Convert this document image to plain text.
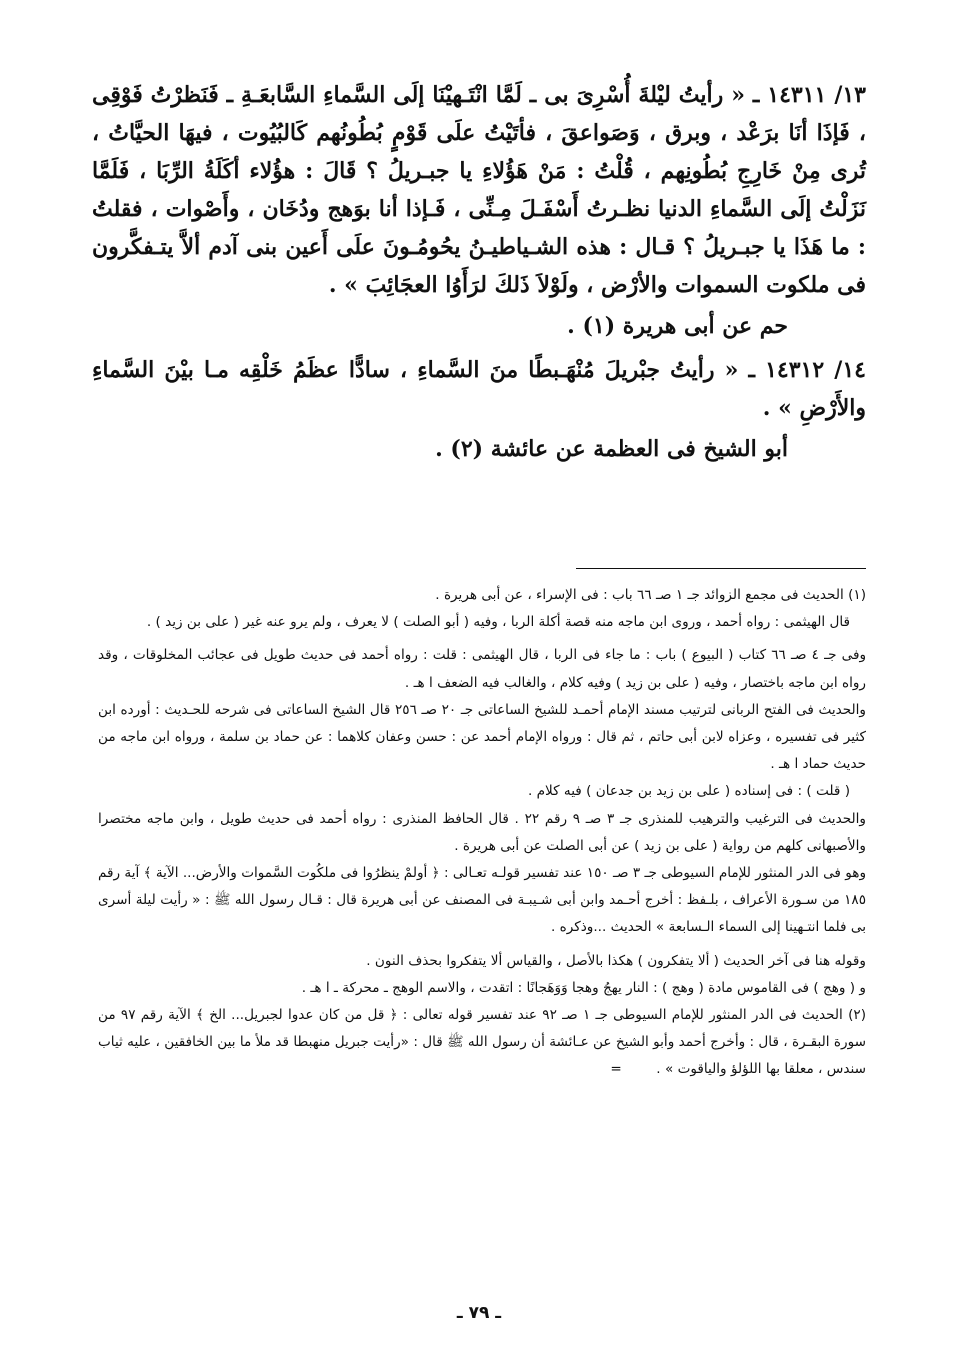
١٣/ ١٤٣١١ ـ « رأيتُ ليْلةَ أُسْرِىَ بى ـ لَمَّا انْتَـهيْنَا إلَى السَّماءِ السَّابعَـةِ ـ فَنَظرْتُ فَوْقِى ، فَإذَا أنَا برَعْد ، وبرق ، وَصَواعقَ ، فأتَيْتُ علَى قَوْمٍ بُطُونُهم كَالبُيُوت ، فيهَا الحيَّاتُ ، تُرى مِنْ خَارِجِ بُطُونِهم ، قُلْتُ : مَنْ هَؤُلاءِ يا جبـريلُ ؟ قَالَ : هؤُلاء أكَلَةُ الرِّبَا ، فَلَمَّا نَزَلْتُ إلَى السَّماءِ الدنيا نظـرتُ أَسْفَـلَ مِـنِّى ، فَـإذا أنا بوَهج ودُخَان ، وأَصْوات ، فقلتُ : ما هَذَا يا جبـريلُ ؟ قـال : هذه الشـياطيـنُ يحُومُـونَ علَى أَعين بنى آدم ألاَّ يتـفكَّرون فى ملكوت السموات والأرْض ، ولَوْلاَ ذَلكَ لرَأَوُا العجَائِبَ » .

حم عن أبى هريرة (١) .

١٤/ ١٤٣١٢ ـ « رأيتُ جبْريلَ مُنْهَـبطًا منَ السَّماءِ ، سادًّا عظَمُ خَلْقِه مـا بيْنَ السَّماءِ والأَرْضِ » .

أبو الشيخ فى العظمة عن عائشة (٢) .

(١) الحديث فى مجمع الزوائد جـ ١ صـ ٦٦ باب : فى الإسراء ، عن أبى هريرة .

قال الهيثمى : رواه أحمد ، وروى ابن ماجه منه قصة أكلة الربا ، وفيه ( أبو الصلت ) لا يعرف ، ولم يرو عنه غير ( على بن زيد ) .

وفى جـ ٤ صـ ٦٦ كتاب ( البيوع ) باب : ما جاء فى الربا ، قال الهيثمى : قلت : رواه أحمد فى حديث طويل فى عجائب المخلوقات ، وقد رواه ابن ماجه باختصار ، وفيه ( على بن زيد ) وفيه كلام ، والغالب فيه الضعف ا هـ .

والحديث فى الفتح الربانى لترتيب مسند الإمام أحمـد للشيخ الساعاتى جـ ٢٠ صـ ٢٥٦ قال الشيخ الساعاتى فى شرحه للحـديث : أورده ابن كثير فى تفسيره ، وعزاه لابن أبى حاتم ، ثم قال : ورواه الإمام أحمد عن : حسن وعفان كلاهما : عن حماد بن سلمة ، ورواه ابن ماجه من حديث حماد ا هـ .

( قلت ) : فى إسناده ( على بن زيد بن جدعان ) فيه كلام .

والحديث فى الترغيب والترهيب للمنذرى جـ ٣ صـ ٩ رقم ٢٢ . قال الحافظ المنذرى : رواه أحمد فى حديث طويل ، وابن ماجه مختصرا والأصبهانى كلهم من رواية ( على بن زيد ) عن أبى الصلت عن أبى هريرة .

وهو فى الدر المنثور للإمام السيوطى جـ ٣ صـ ١٥٠ عند تفسير قولـه تعـالى : ﴿ أولمْ ينظرُوا فى ملكُوت السَّموات والأرض... الآية ﴾ آية رقم ١٨٥ من سـورة الأعراف ، بلـفظ : أخرج أحـمد وابن أبى شـيبـة فى المصنف عن أبى هريرة قال : قـال رسول الله ﷺ : « رأيت ليلة أسرى بى فلما انتـهينا إلى السماء الـسابعة » الحديث ...وذكره .

وقوله هنا فى آخر الحديث ( ألا يتفكرون ) هكذا بالأصل ، والقياس ألا يتفكروا بحذف النون .

و ( وهج ) فى القاموس مادة ( وهج ) : النار يهجُ وهجا وَوَهَجانًا : اتقدت ، والاسم الوهج ـ محركة ـ ا هـ .

(٢) الحديث فى الدر المنثور للإمام السيوطى جـ ١ صـ ٩٢ عند تفسير قوله تعالى : ﴿ قل من كان عدوا لجبريل... الخ ﴾ الآية رقم ٩٧ من سورة البقـرة ، قال : وأخرج أحمد وأبو الشيخ عن عـائشة أن رسول الله ﷺ قال : «رأيت جبريل منهبطا قد ملأ ما بين الخافقين ، عليه ثياب سندس ، معلقا بها اللؤلؤ والياقوت » .        =

ـ ٧٩ ـ
